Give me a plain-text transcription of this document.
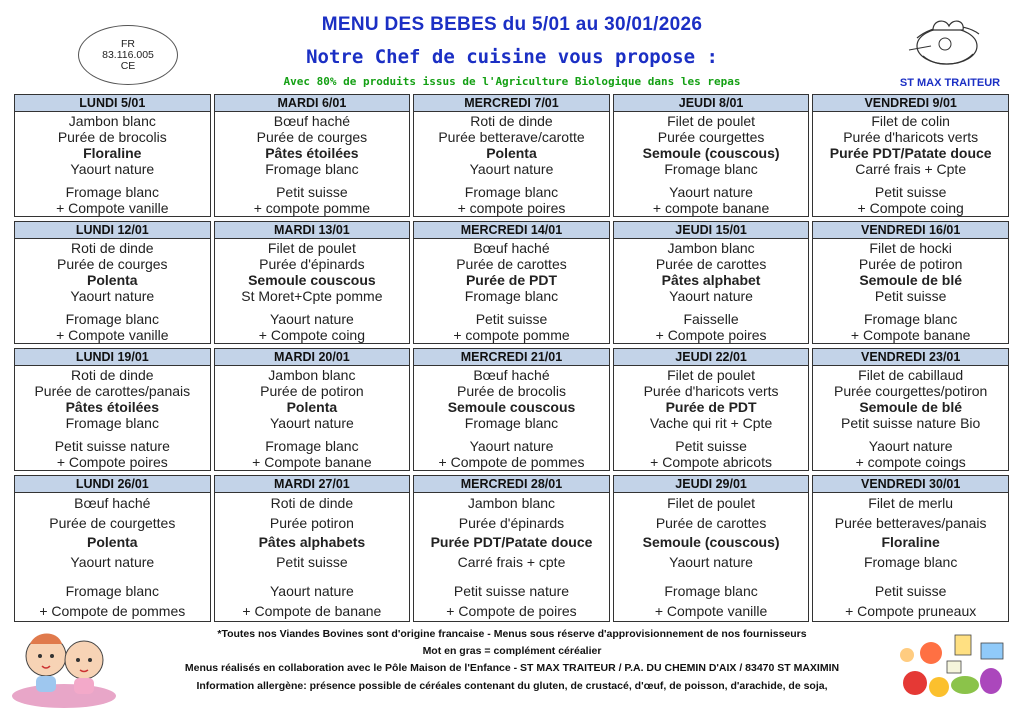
FR
83.116.005
CE
MENU DES BEBES du 5/01 au 30/01/2026
Notre Chef de cuisine vous propose :
Avec 80% de produits issus de l'Agriculture Biologique dans les repas	ST MAX TRAITEUR
LUNDI 5/01
Jambon blanc
Purée de brocolis
Floraline
Yaourt nature
Fromage blanc
+ Compote vanille
MARDI 6/01
Bœuf haché
Purée de courges
Pâtes étoilées
Fromage blanc
Petit suisse
+ compote pomme
MERCREDI 7/01
Roti de dinde
Purée betterave/carotte
Polenta
Yaourt nature
Fromage blanc
+ compote poires
JEUDI 8/01
Filet de poulet
Purée courgettes
Semoule (couscous)
Fromage blanc
Yaourt nature
+ compote banane
VENDREDI 9/01
Filet de colin
Purée d'haricots verts
Purée PDT/Patate douce
Carré frais + Cpte
Petit suisse
+ Compote coing
LUNDI 12/01
Roti de dinde
Purée de courges
Polenta
Yaourt nature
Fromage blanc
+ Compote vanille
MARDI 13/01
Filet de poulet
Purée d'épinards
Semoule couscous
St Moret+Cpte pomme
Yaourt nature
+ Compote coing
MERCREDI 14/01
Bœuf haché
Purée de carottes
Purée de PDT
Fromage blanc
Petit suisse
+ compote pomme
JEUDI 15/01
Jambon blanc
Purée de carottes
Pâtes alphabet
Yaourt nature
Faisselle
+ Compote poires
VENDREDI 16/01
Filet de hocki
Purée de potiron
Semoule de blé
Petit suisse
Fromage blanc
+ Compote banane
LUNDI 19/01
Roti de dinde
Purée de carottes/panais
Pâtes étoilées
Fromage blanc
Petit suisse nature
+ Compote poires
MARDI 20/01
Jambon blanc
Purée de potiron
Polenta
Yaourt nature
Fromage blanc
+ Compote banane
MERCREDI 21/01
Bœuf haché
Purée de brocolis
Semoule couscous
Fromage blanc
Yaourt nature
+ Compote de pommes
JEUDI 22/01
Filet de poulet
Purée d'haricots verts
Purée de PDT
Vache qui rit + Cpte
Petit suisse
+ Compote abricots
VENDREDI 23/01
Filet de cabillaud
Purée courgettes/potiron
Semoule de blé
Petit suisse nature Bio
Yaourt nature
+ compote coings
LUNDI 26/01
Bœuf haché
Purée de courgettes
Polenta
Yaourt nature
Fromage blanc
+ Compote de pommes
MARDI 27/01
Roti de dinde
Purée potiron
Pâtes alphabets
Petit suisse
Yaourt nature
+ Compote de banane
MERCREDI 28/01
Jambon blanc
Purée d'épinards
Purée PDT/Patate douce
Carré frais + cpte
Petit suisse nature
+ Compote de poires
JEUDI 29/01
Filet de poulet
Purée de carottes
Semoule (couscous)
Yaourt nature
Fromage blanc
+ Compote vanille
VENDREDI 30/01
Filet de merlu
Purée betteraves/panais
Floraline
Fromage blanc
Petit suisse
+ Compote pruneaux
*Toutes nos Viandes Bovines sont d'origine francaise - Menus sous réserve d'approvisionnement de nos fournisseurs
Mot en gras = complément céréalier
Menus réalisés en collaboration avec le Pôle Maison de l'Enfance - ST MAX TRAITEUR / P.A. DU CHEMIN D'AIX / 83470 ST MAXIMIN
Information allergène: présence possible de céréales contenant du gluten, de crustacé, d'œuf, de poisson, d'arachide, de soja,
